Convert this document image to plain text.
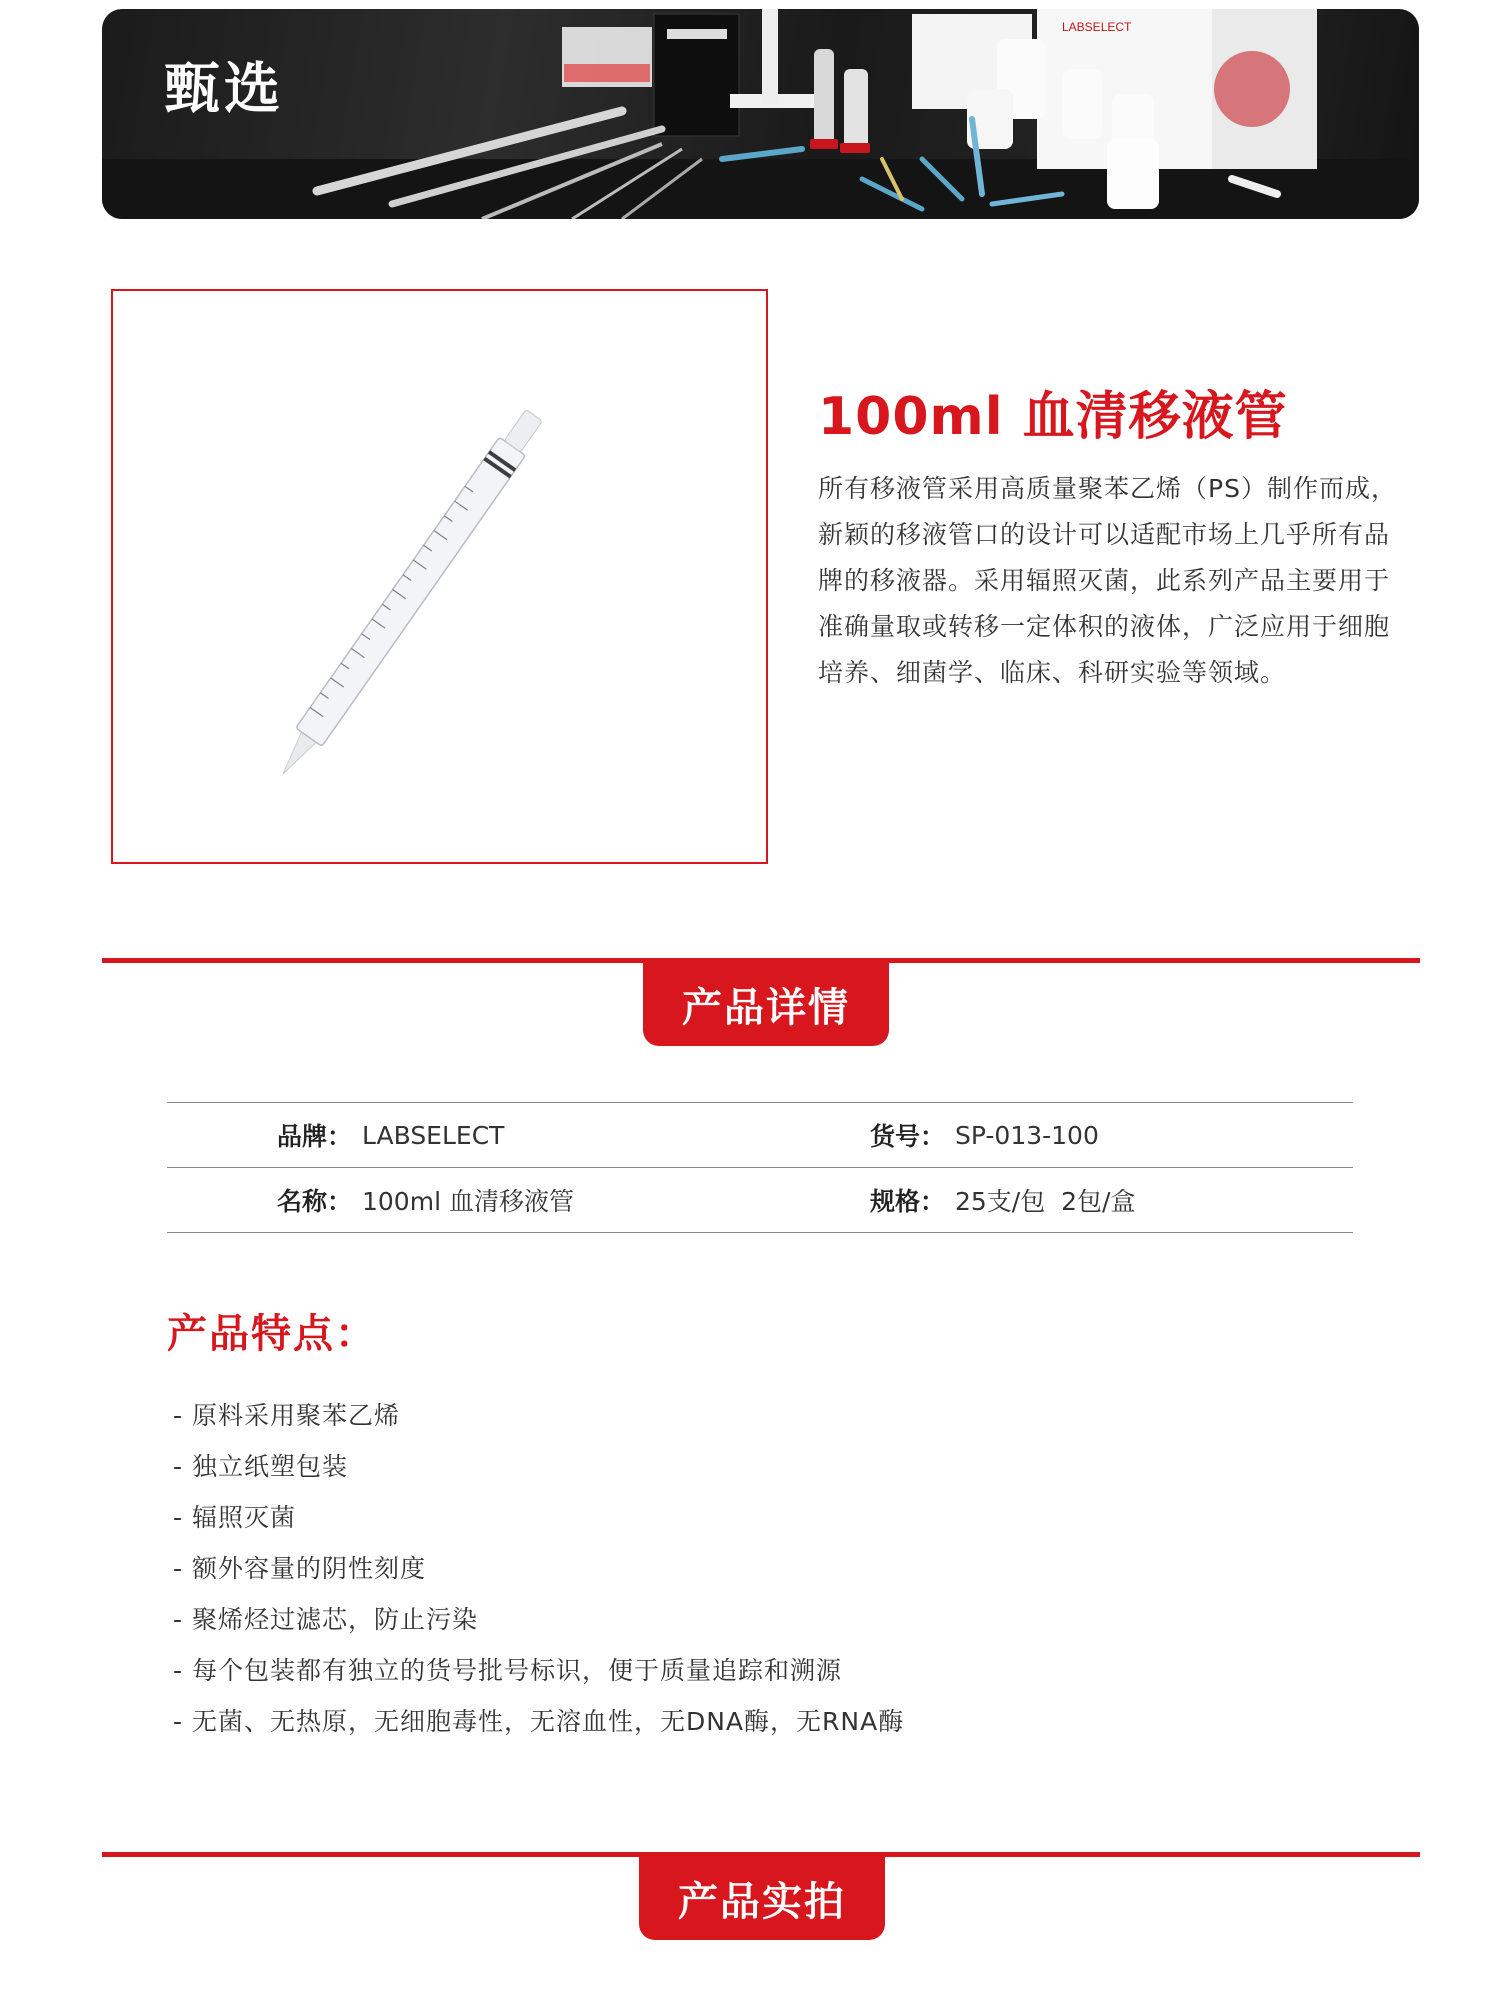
LABSELECT
甄选
100ml 血清移液管
所有移液管采用高质量聚苯乙烯（PS）制作而成，新颖的移液管口的设计可以适配市场上几乎所有品牌的移液器。采用辐照灭菌，此系列产品主要用于准确量取或转移一定体积的液体，广泛应用于细胞培养、细菌学、临床、科研实验等领域。
产品详情
品牌： LABSELECT	货号： SP-013-100
名称： 100ml 血清移液管	规格： 25支/包  2包/盒
产品特点：
- 原料采用聚苯乙烯
- 独立纸塑包装
- 辐照灭菌
- 额外容量的阴性刻度
- 聚烯烃过滤芯，防止污染
- 每个包装都有独立的货号批号标识，便于质量追踪和溯源
- 无菌、无热原，无细胞毒性，无溶血性，无DNA酶，无RNA酶
产品实拍
